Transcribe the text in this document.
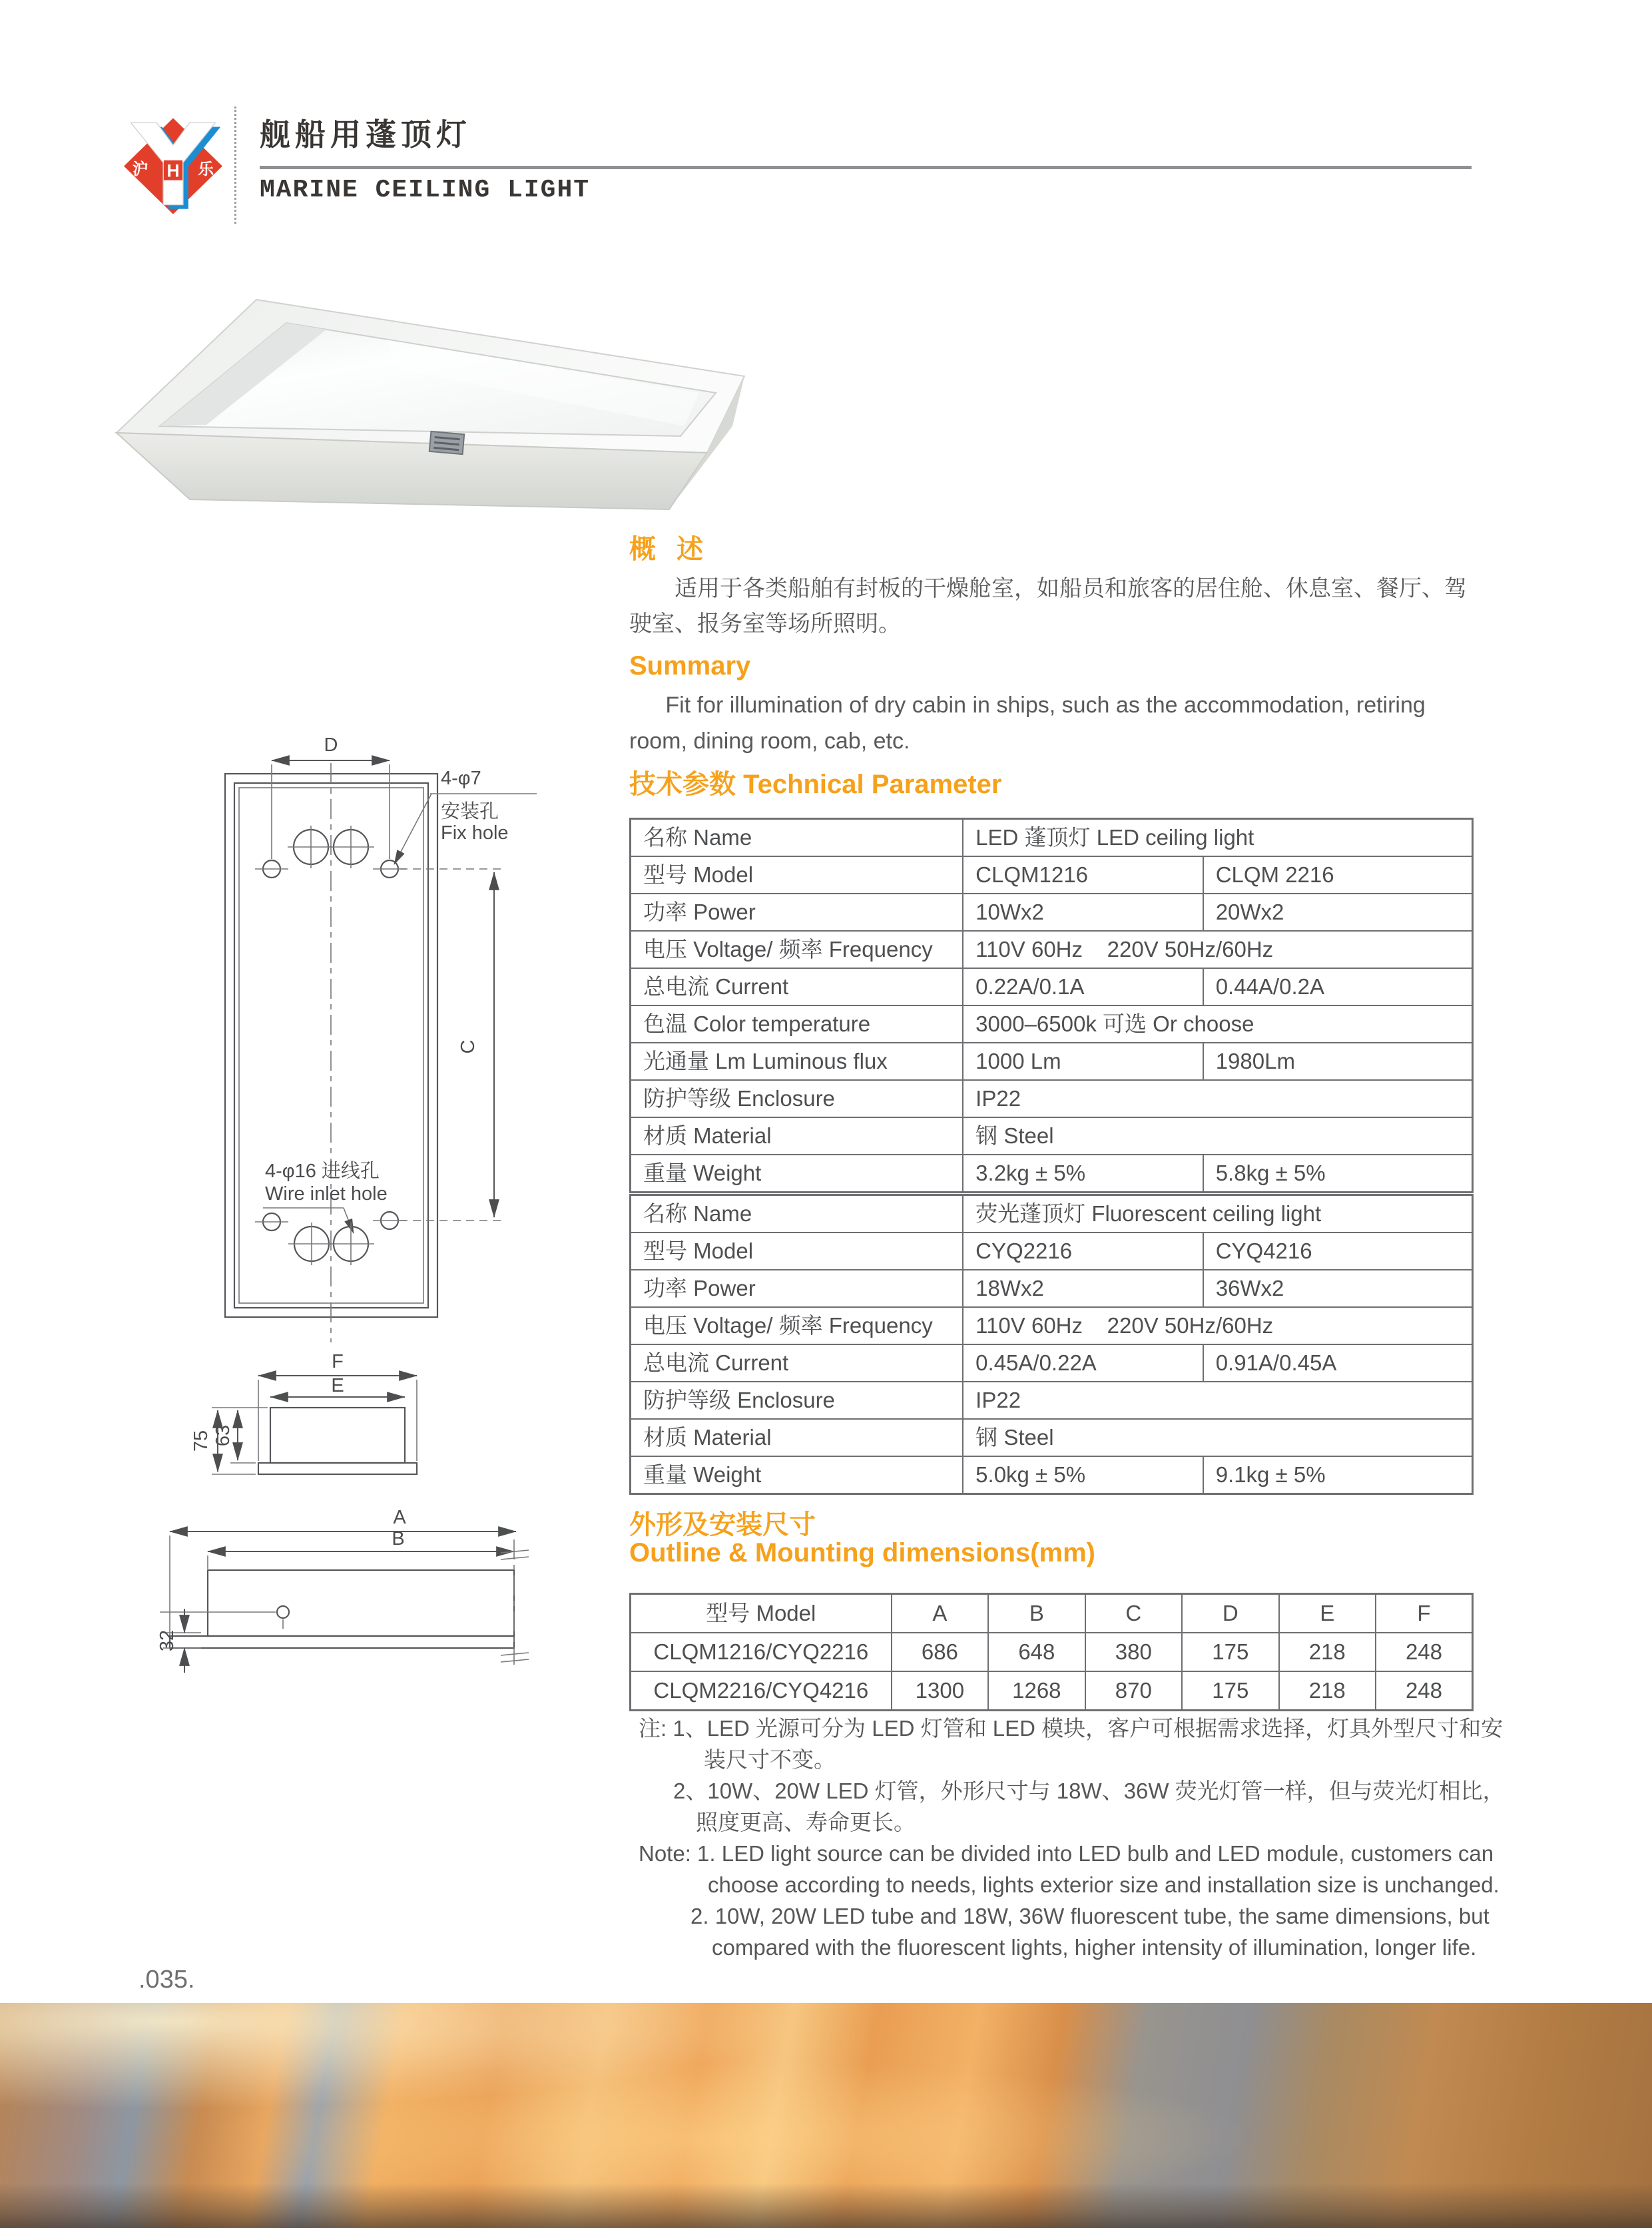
沪 H 乐
舰船用蓬顶灯
MARINE CEILING LIGHT
D
4-φ7
安装孔
Fix hole
C
4-φ16 进线孔
Wire inlet hole
F
E
75 63
A
B
32
概 述

适用于各类船舶有封板的干燥舱室，如船员和旅客的居住舱、休息室、餐厅、驾驶室、报务室等场所照明。

Summary

Fit for illumination of dry cabin in ships, such as the accommodation, retiring room, dining room, cab, etc.

技术参数 Technical Parameter
名称 Name	LED 蓬顶灯 LED ceiling light	
型号 Model	CLQM1216	CLQM 2216
功率 Power	10Wx2	20Wx2
电压 Voltage/ 频率 Frequency	110V 60Hz    220V 50Hz/60Hz	
总电流 Current	0.22A/0.1A	0.44A/0.2A
色温 Color temperature	3000–6500k 可选 Or choose	
光通量 Lm Luminous flux	1000 Lm	1980Lm
防护等级 Enclosure	IP22	
材质 Material	钢 Steel	
重量 Weight	3.2kg ± 5%	5.8kg ± 5%
名称 Name	荧光蓬顶灯 Fluorescent ceiling light	
型号 Model	CYQ2216	CYQ4216
功率 Power	18Wx2	36Wx2
电压 Voltage/ 频率 Frequency	110V 60Hz    220V 50Hz/60Hz	
总电流 Current	0.45A/0.22A	0.91A/0.45A
防护等级 Enclosure	IP22	
材质 Material	钢 Steel	
重量 Weight	5.0kg ± 5%	9.1kg ± 5%
外形及安装尺寸
Outline & Mounting dimensions(mm)
型号 Model	A	B	C	D	E	F
CLQM1216/CYQ2216	686	648	380	175	218	248
CLQM2216/CYQ4216	1300	1268	870	175	218	248
注: 1、LED 光源可分为 LED 灯管和 LED 模块，客户可根据需求选择，灯具外型尺寸和安
装尺寸不变。
2、10W、20W LED 灯管，外形尺寸与 18W、36W 荧光灯管一样，但与荧光灯相比，
照度更高、寿命更长。
Note: 1. LED light source can be divided into LED bulb and LED module, customers can
choose according to needs, lights exterior size and installation size is unchanged.
2. 10W, 20W LED tube and 18W, 36W fluorescent tube, the same dimensions, but
compared with the fluorescent lights, higher intensity of illumination, longer life.
.035.
